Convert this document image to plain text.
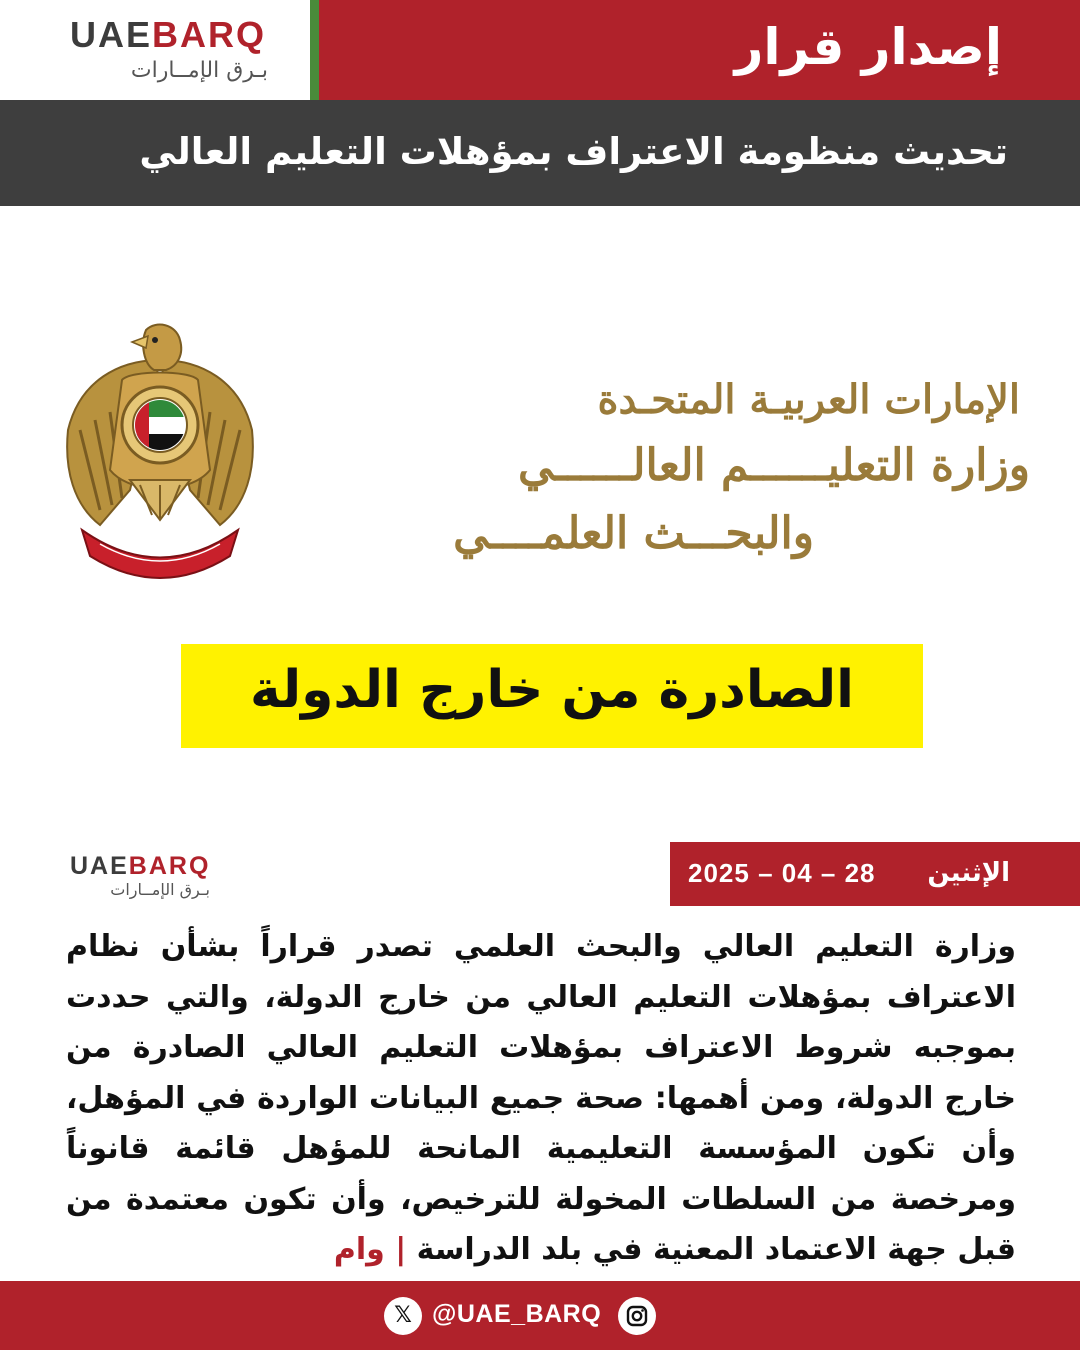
UAEBARQ
بـرق الإمــارات	إصدار قرار
تحديث منظومة الاعتراف بمؤهلات التعليم العالي
الإمارات العربيـة المتحـدة
وزارة التعليــــــم العالــــــي
والبحـــث العلمــــي
الصادرة من خارج الدولة
UAEBARQ
بـرق الإمــارات
الإثنين
2025 – 04 – 28
وزارة التعليم العالي والبحث العلمي تصدر قراراً بشأن نظام الاعتراف بمؤهلات التعليم العالي من خارج الدولة، والتي حددت بموجبه شروط الاعتراف بمؤهلات التعليم العالي الصادرة من خارج الدولة، ومن أهمها: صحة جميع البيانات الواردة في المؤهل، وأن تكون المؤسسة التعليمية المانحة للمؤهل قائمة قانوناً ومرخصة من السلطات المخولة للترخيص، وأن تكون معتمدة من قبل جهة الاعتماد المعنية في بلد الدراسة | وام
𝕏 @UAE_BARQ
